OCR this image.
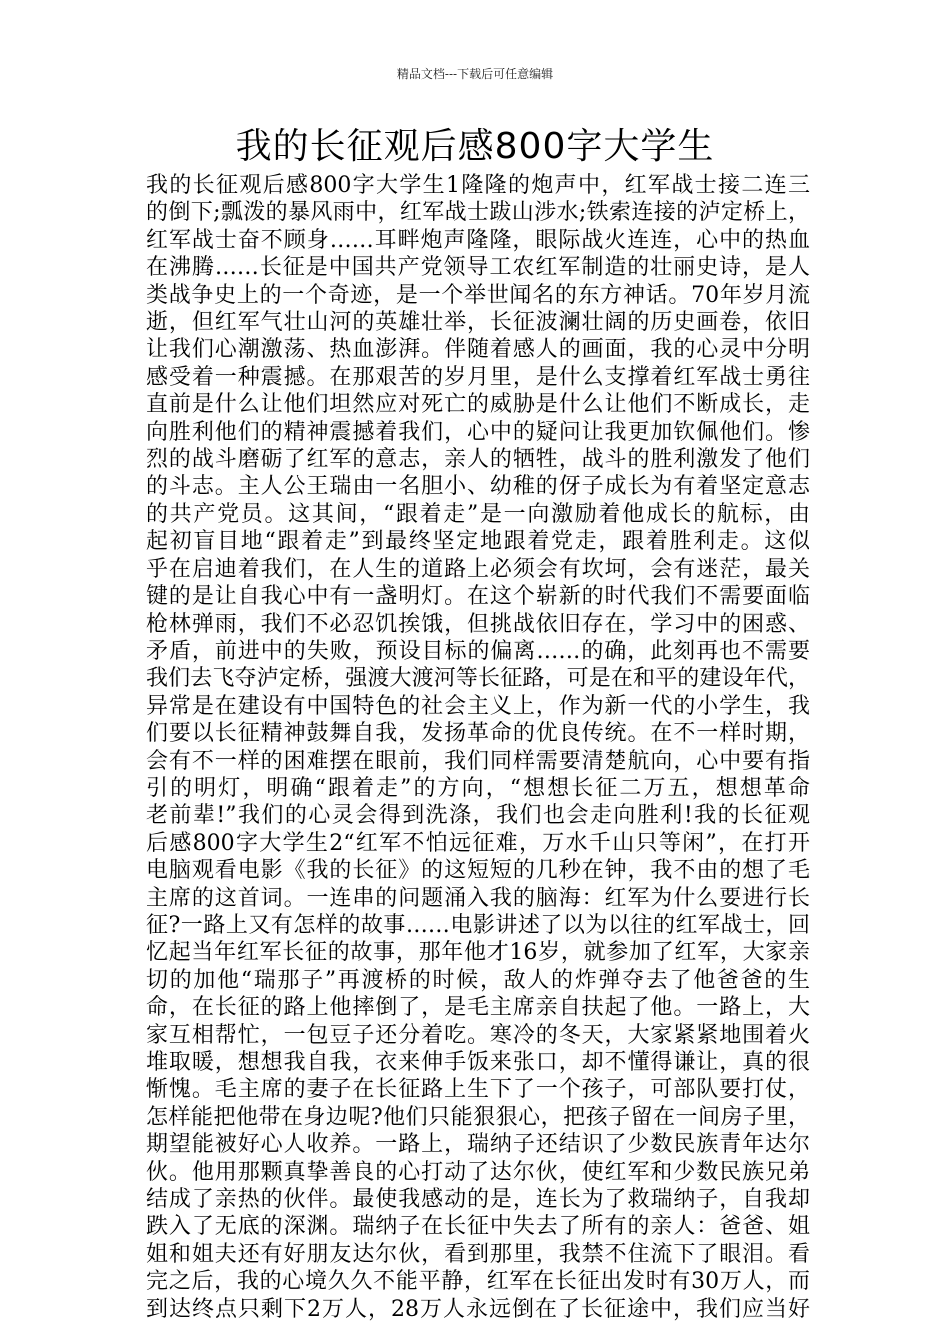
精品文档---下载后可任意编辑
我的长征观后感800字大学生
我的长征观后感800字大学生1隆隆的炮声中，红军战士接二连三
的倒下;瓢泼的暴风雨中，红军战士跋山涉水;铁索连接的泸定桥上，
红军战士奋不顾身……耳畔炮声隆隆，眼际战火连连，心中的热血
在沸腾……长征是中国共产党领导工农红军制造的壮丽史诗，是人
类战争史上的一个奇迹，是一个举世闻名的东方神话。70年岁月流
逝，但红军气壮山河的英雄壮举，长征波澜壮阔的历史画卷，依旧
让我们心潮激荡、热血澎湃。伴随着感人的画面，我的心灵中分明
感受着一种震撼。在那艰苦的岁月里，是什么支撑着红军战士勇往
直前是什么让他们坦然应对死亡的威胁是什么让他们不断成长，走
向胜利他们的精神震撼着我们，心中的疑问让我更加钦佩他们。惨
烈的战斗磨砺了红军的意志，亲人的牺牲，战斗的胜利激发了他们
的斗志。主人公王瑞由一名胆小、幼稚的伢子成长为有着坚定意志
的共产党员。这其间，“跟着走”是一向激励着他成长的航标，由
起初盲目地“跟着走”到最终坚定地跟着党走，跟着胜利走。这似
乎在启迪着我们，在人生的道路上必须会有坎坷，会有迷茫，最关
键的是让自我心中有一盏明灯。在这个崭新的时代我们不需要面临
枪林弹雨，我们不必忍饥挨饿，但挑战依旧存在，学习中的困惑、
矛盾，前进中的失败，预设目标的偏离……的确，此刻再也不需要
我们去飞夺泸定桥，强渡大渡河等长征路，可是在和平的建设年代，
异常是在建设有中国特色的社会主义上，作为新一代的小学生，我
们要以长征精神鼓舞自我，发扬革命的优良传统。在不一样时期，
会有不一样的困难摆在眼前，我们同样需要清楚航向，心中要有指
引的明灯，明确“跟着走”的方向，“想想长征二万五，想想革命
老前辈!”我们的心灵会得到洗涤，我们也会走向胜利!我的长征观
后感800字大学生2“红军不怕远征难，万水千山只等闲”，在打开
电脑观看电影《我的长征》的这短短的几秒在钟，我不由的想了毛
主席的这首词。一连串的问题涌入我的脑海：红军为什么要进行长
征?一路上又有怎样的故事……电影讲述了以为以往的红军战士，回
忆起当年红军长征的故事，那年他才16岁，就参加了红军，大家亲
切的加他“瑞那子”再渡桥的时候，敌人的炸弹夺去了他爸爸的生
命，在长征的路上他摔倒了，是毛主席亲自扶起了他。一路上，大
家互相帮忙，一包豆子还分着吃。寒冷的冬天，大家紧紧地围着火
堆取暖，想想我自我，衣来伸手饭来张口，却不懂得谦让，真的很
惭愧。毛主席的妻子在长征路上生下了一个孩子，可部队要打仗，
怎样能把他带在身边呢?他们只能狠狠心，把孩子留在一间房子里，
期望能被好心人收养。一路上，瑞纳子还结识了少数民族青年达尔
伙。他用那颗真挚善良的心打动了达尔伙，使红军和少数民族兄弟
结成了亲热的伙伴。最使我感动的是，连长为了救瑞纳子，自我却
跌入了无底的深渊。瑞纳子在长征中失去了所有的亲人：爸爸、姐
姐和姐夫还有好朋友达尔伙，看到那里，我禁不住流下了眼泪。看
完之后，我的心境久久不能平静，红军在长征出发时有30万人，而
到达终点只剩下2万人，28万人永远倒在了长征途中，我们应当好
